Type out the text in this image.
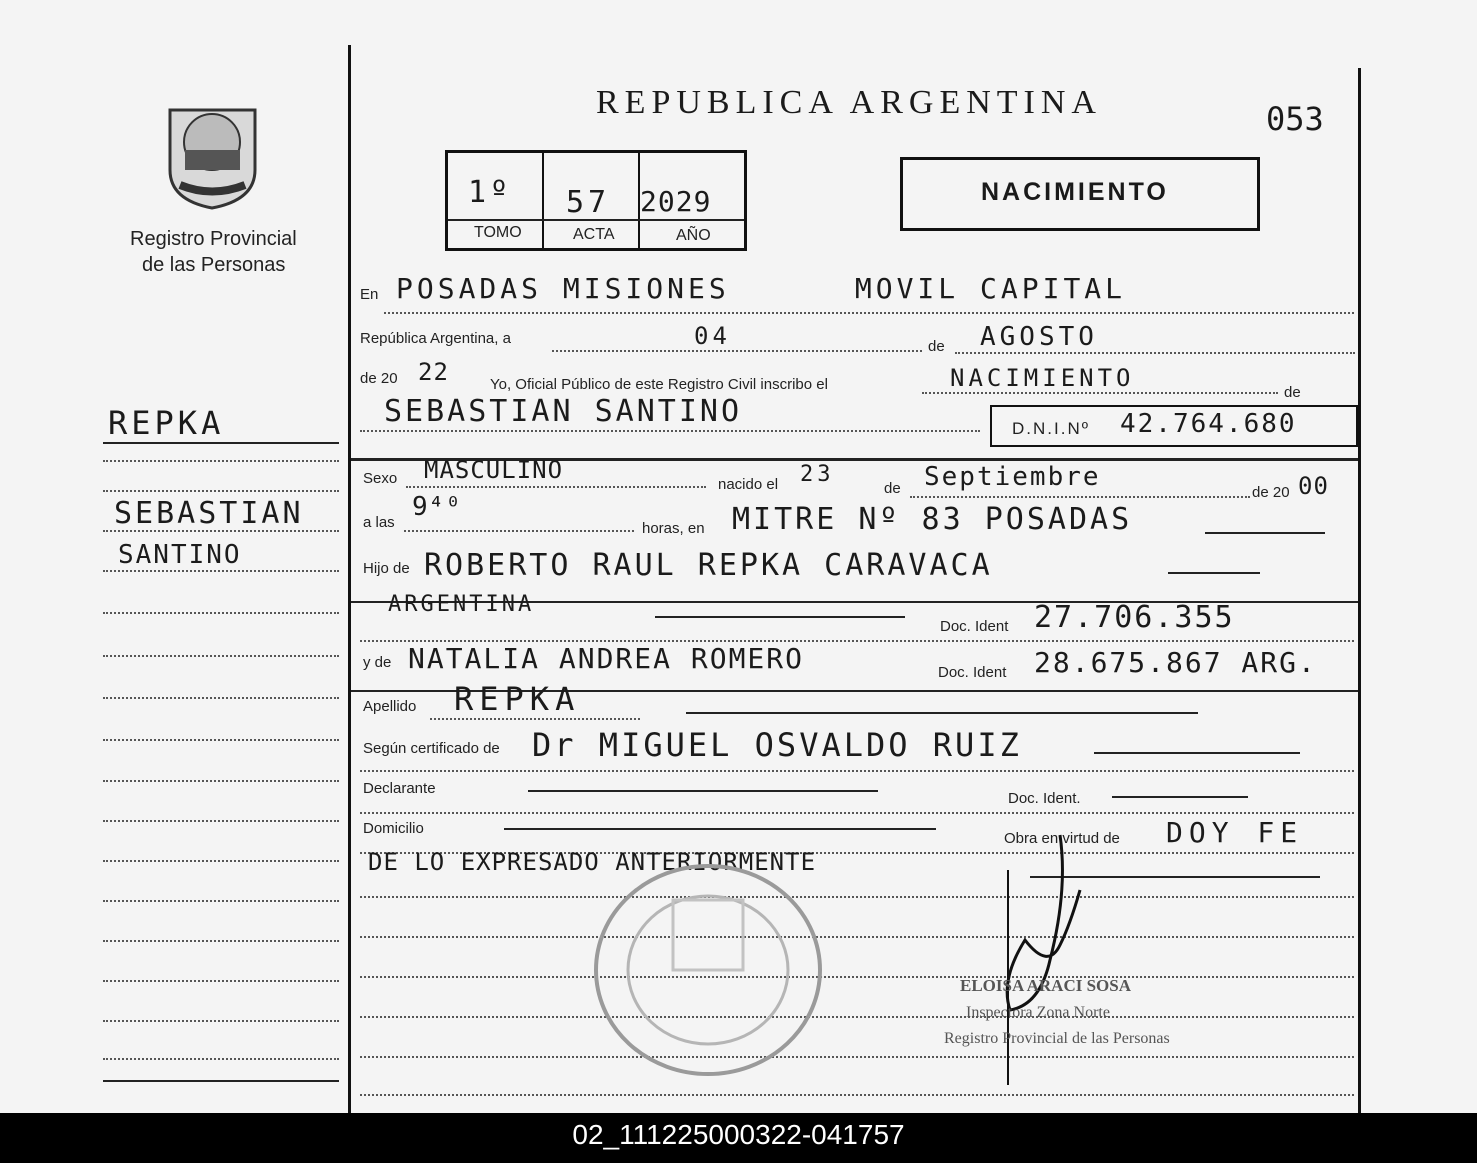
Registro Provincial
de las Personas
REPUBLICA ARGENTINA	053
1º 57 2029
TOMO	ACTA	AÑO
NACIMIENTO
REPKA
SEBASTIAN
SANTINO
En POSADAS MISIONES      MOVIL CAPITAL
República Argentina, a	04	de AGOSTO
de 20 22	Yo, Oficial Público de este Registro Civil inscribo el	NACIMIENTO
de
SEBASTIAN SANTINO	D.N.I.Nº 42.764.680
Sexo MASCULINO
nacido el 23
de Septiembre
de 20 00
a las
9⁴⁰
horas, en MITRE Nº 83 POSADAS
Hijo de ROBERTO RAUL REPKA CARAVACA
ARGENTINA
Doc. Ident 27.706.355
y de NATALIA ANDREA ROMERO	Doc. Ident 28.675.867 ARG.
Apellido REPKA
Según certificado de Dr MIGUEL OSVALDO RUIZ
Declarante
Doc. Ident.
Domicilio
Obra en virtud de DOY FE
DE LO EXPRESADO ANTERIORMENTE
ELOISA ARACI SOSA
Inspectora Zona Norte
Registro Provincial de las Personas
02_111225000322-041757
